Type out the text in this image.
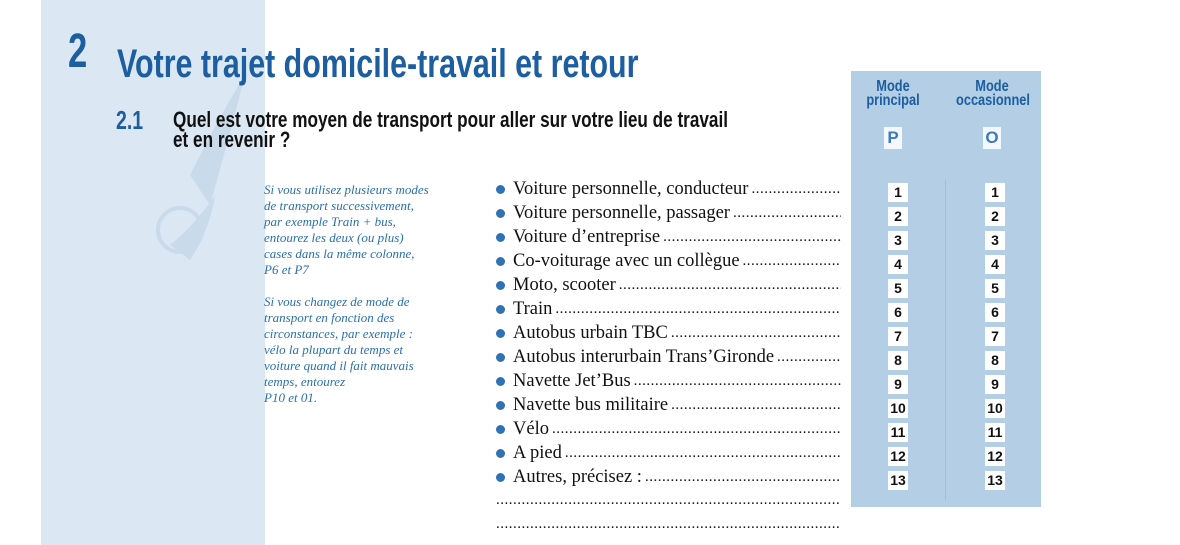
2 Votre trajet domicile-travail et retour
2.1 Quel est votre moyen de transport pour aller sur votre lieu de travail
et en revenir ?

Si vous utilisez plusieurs modes

de transport successivement,

par exemple Train + bus,

entourez les deux (ou plus)

cases dans la même colonne,

P6 et P7

Si vous changez de mode de

transport en fonction des

circonstances, par exemple :

vélo la plupart du temps et

voiture quand il fait mauvais

temps, entourez

P10 et 01.

Voiture personnelle, conducteur
.....
Voiture personnelle, passager
.....
Voiture d’entreprise
.....
Co-voiturage avec un collègue
.....
Moto, scooter
.....
Train
.....
Autobus urbain TBC
.....
Autobus interurbain Trans’Gironde
.....
Navette Jet’Bus
.....
Navette bus militaire
.....
Vélo
.....
A pied
.....
Autres, précisez :
.....
.....
.....
Mode
principal
Mode
occasionnel
P	O
1
2
3
4
5
6
7
8
9
10
11
12
13
1
2
3
4
5
6
7
8
9
10
11
12
13
